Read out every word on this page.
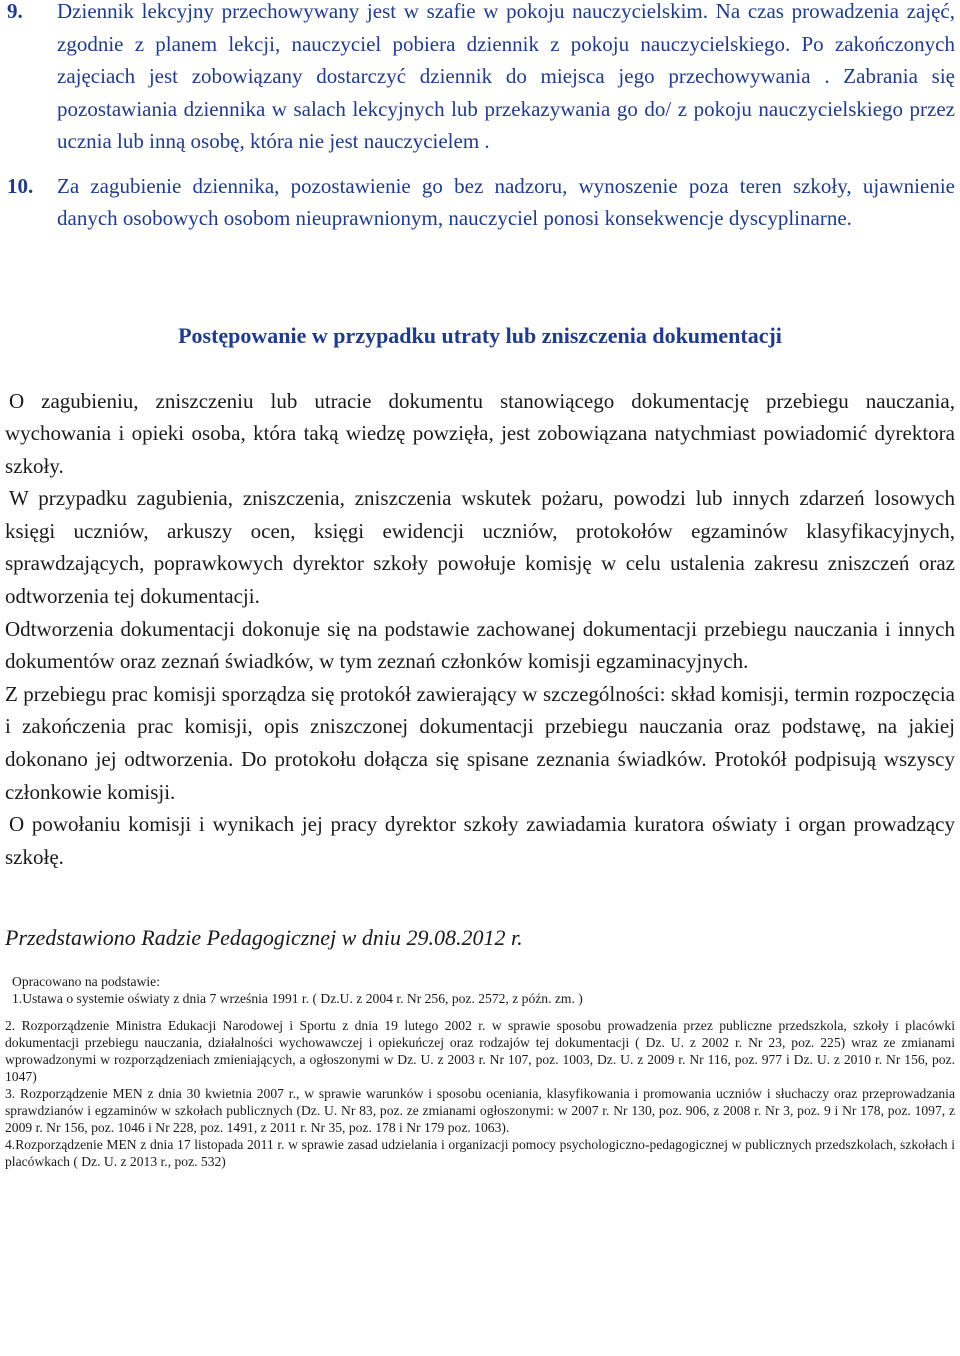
9. Dziennik lekcyjny przechowywany jest w szafie w pokoju nauczycielskim. Na czas prowadzenia zajęć, zgodnie z planem lekcji, nauczyciel pobiera dziennik z pokoju nauczycielskiego. Po zakończonych zajęciach jest zobowiązany dostarczyć dziennik do miejsca jego przechowywania . Zabrania się pozostawiania dziennika w salach lekcyjnych lub przekazywania go do/ z pokoju nauczycielskiego przez ucznia lub inną osobę, która nie jest nauczycielem .
10. Za zagubienie dziennika, pozostawienie go bez nadzoru, wynoszenie poza teren szkoły, ujawnienie danych osobowych osobom nieuprawnionym, nauczyciel ponosi konsekwencje dyscyplinarne.
Postępowanie w przypadku utraty lub zniszczenia dokumentacji
O zagubieniu, zniszczeniu lub utracie dokumentu stanowiącego dokumentację przebiegu nauczania, wychowania i opieki osoba, która taką wiedzę powzięła, jest zobowiązana natychmiast powiadomić dyrektora szkoły.
W przypadku zagubienia, zniszczenia, zniszczenia wskutek pożaru, powodzi lub innych zdarzeń losowych księgi uczniów, arkuszy ocen, księgi ewidencji uczniów, protokołów egzaminów klasyfikacyjnych, sprawdzających, poprawkowych dyrektor szkoły powołuje komisję w celu ustalenia zakresu zniszczeń oraz odtworzenia tej dokumentacji.
Odtworzenia dokumentacji dokonuje się na podstawie zachowanej dokumentacji przebiegu nauczania i innych dokumentów oraz zeznań świadków, w tym zeznań członków komisji egzaminacyjnych.
Z przebiegu prac komisji sporządza się protokół zawierający w szczególności: skład komisji, termin rozpoczęcia i zakończenia prac komisji, opis zniszczonej dokumentacji przebiegu nauczania oraz podstawę, na jakiej dokonano jej odtworzenia. Do protokołu dołącza się spisane zeznania świadków. Protokół podpisują wszyscy członkowie komisji.
O powołaniu komisji i wynikach jej pracy dyrektor szkoły zawiadamia kuratora oświaty i organ prowadzący szkołę.
Przedstawiono Radzie Pedagogicznej w dniu 29.08.2012 r.
Opracowano na podstawie:
1.Ustawa o systemie oświaty z dnia 7 września 1991 r. ( Dz.U. z 2004 r. Nr 256, poz. 2572, z późn. zm. )
2. Rozporządzenie Ministra Edukacji Narodowej i Sportu z dnia 19 lutego 2002 r. w sprawie sposobu prowadzenia przez publiczne przedszkola, szkoły i placówki dokumentacji przebiegu nauczania, działalności wychowawczej i opiekuńczej oraz rodzajów tej dokumentacji ( Dz. U. z 2002 r. Nr 23, poz. 225) wraz ze zmianami wprowadzonymi w rozporządzeniach zmieniających, a ogłoszonymi w Dz. U. z 2003 r. Nr 107, poz. 1003, Dz. U. z 2009 r. Nr 116, poz. 977 i Dz. U. z 2010 r. Nr 156, poz. 1047)
3. Rozporządzenie MEN z dnia 30 kwietnia 2007 r., w sprawie warunków i sposobu oceniania, klasyfikowania i promowania uczniów i słuchaczy oraz przeprowadzania sprawdzianów i egzaminów w szkołach publicznych (Dz. U. Nr 83, poz. ze zmianami ogłoszonymi: w 2007 r. Nr 130, poz. 906, z 2008 r. Nr 3, poz. 9 i Nr 178, poz. 1097, z 2009 r. Nr 156, poz. 1046 i Nr 228, poz. 1491, z 2011 r. Nr 35, poz. 178 i Nr 179 poz. 1063).
4.Rozporządzenie MEN z dnia 17 listopada 2011 r. w sprawie zasad udzielania i organizacji pomocy psychologiczno-pedagogicznej w publicznych przedszkolach, szkołach i placówkach ( Dz. U. z 2013 r., poz. 532)
